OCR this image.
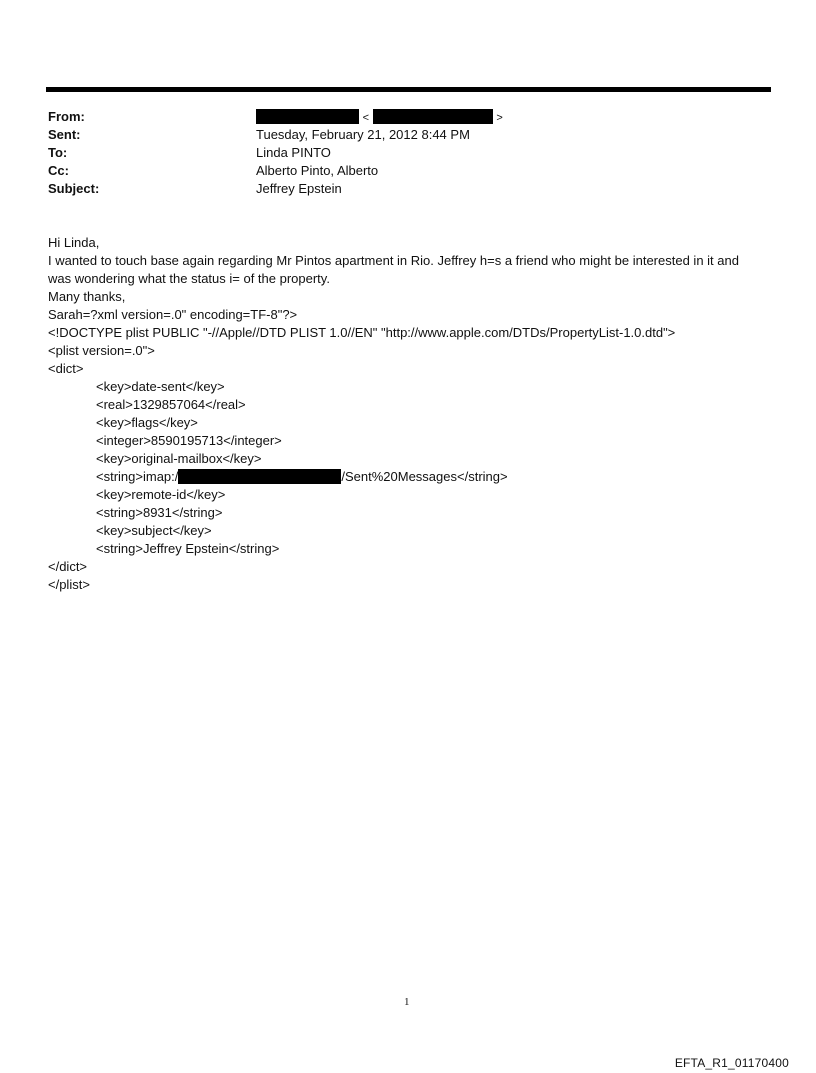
From:	<	>
Sent:	Tuesday, February 21, 2012 8:44 PM
To:	Linda PINTO
Cc:	Alberto Pinto, Alberto
Subject:	Jeffrey Epstein
Hi Linda,
I wanted to touch base again regarding Mr Pintos apartment in Rio. Jeffrey h=s a friend who might be interested in it and
was wondering what the status i= of the property.
Many thanks,
Sarah=?xml version=.0" encoding=TF-8"?>
<!DOCTYPE plist PUBLIC "-//Apple//DTD PLIST 1.0//EN" "http://www.apple.com/DTDs/PropertyList-1.0.dtd">
<plist version=.0">
<dict>
<key>date-sent</key>
<real>1329857064</real>
<key>flags</key>
<integer>8590195713</integer>
<key>original-mailbox</key>
<string>imap:/	/Sent%20Messages</string>
<key>remote-id</key>
<string>8931</string>
<key>subject</key>
<string>Jeffrey Epstein</string>
</dict>
</plist>
1
EFTA_R1_01170400
